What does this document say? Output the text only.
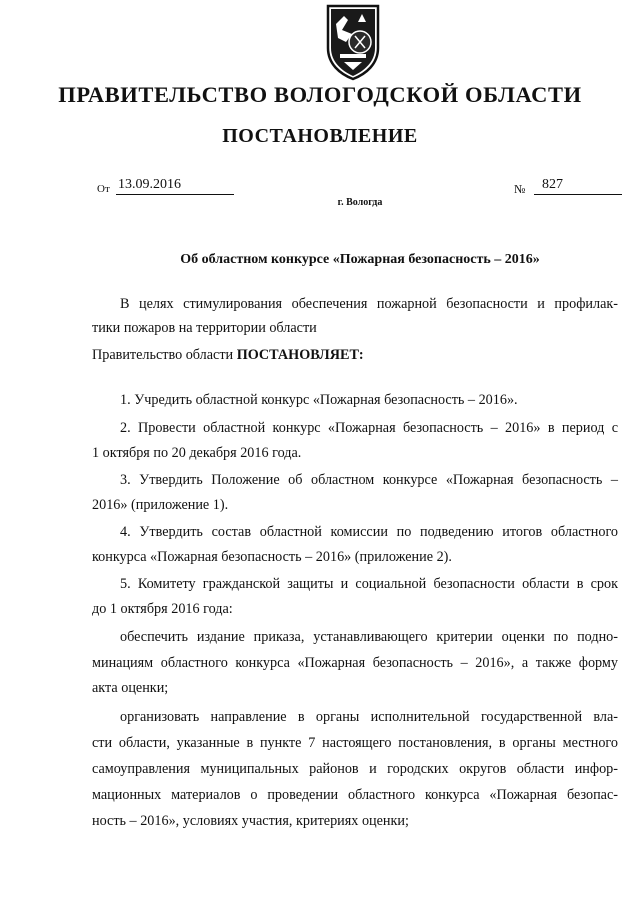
ПРАВИТЕЛЬСТВО ВОЛОГОДСКОЙ ОБЛАСТИ
ПОСТАНОВЛЕНИЕ
От 13.09.2016	№	827
г. Вологда
Об областном конкурсе «Пожарная безопасность – 2016»
В целях стимулирования обеспечения пожарной безопасности и профилак-
тики пожаров на территории области
Правительство области ПОСТАНОВЛЯЕТ:
1. Учредить областной конкурс «Пожарная безопасность – 2016».
2. Провести областной конкурс «Пожарная безопасность – 2016» в период с
1 октября по 20 декабря 2016 года.
3. Утвердить Положение об областном конкурсе «Пожарная безопасность –
2016» (приложение 1).
4. Утвердить состав областной комиссии по подведению итогов областного
конкурса «Пожарная безопасность – 2016» (приложение 2).
5. Комитету гражданской защиты и социальной безопасности области в срок
до 1 октября 2016 года:
обеспечить издание приказа, устанавливающего критерии оценки по подно-
минациям областного конкурса «Пожарная безопасность – 2016», а также форму
акта оценки;
организовать направление в органы исполнительной государственной вла-
сти области, указанные в пункте 7 настоящего постановления, в органы местного
самоуправления муниципальных районов и городских округов области инфор-
мационных материалов о проведении областного конкурса «Пожарная безопас-
ность – 2016», условиях участия, критериях оценки;
